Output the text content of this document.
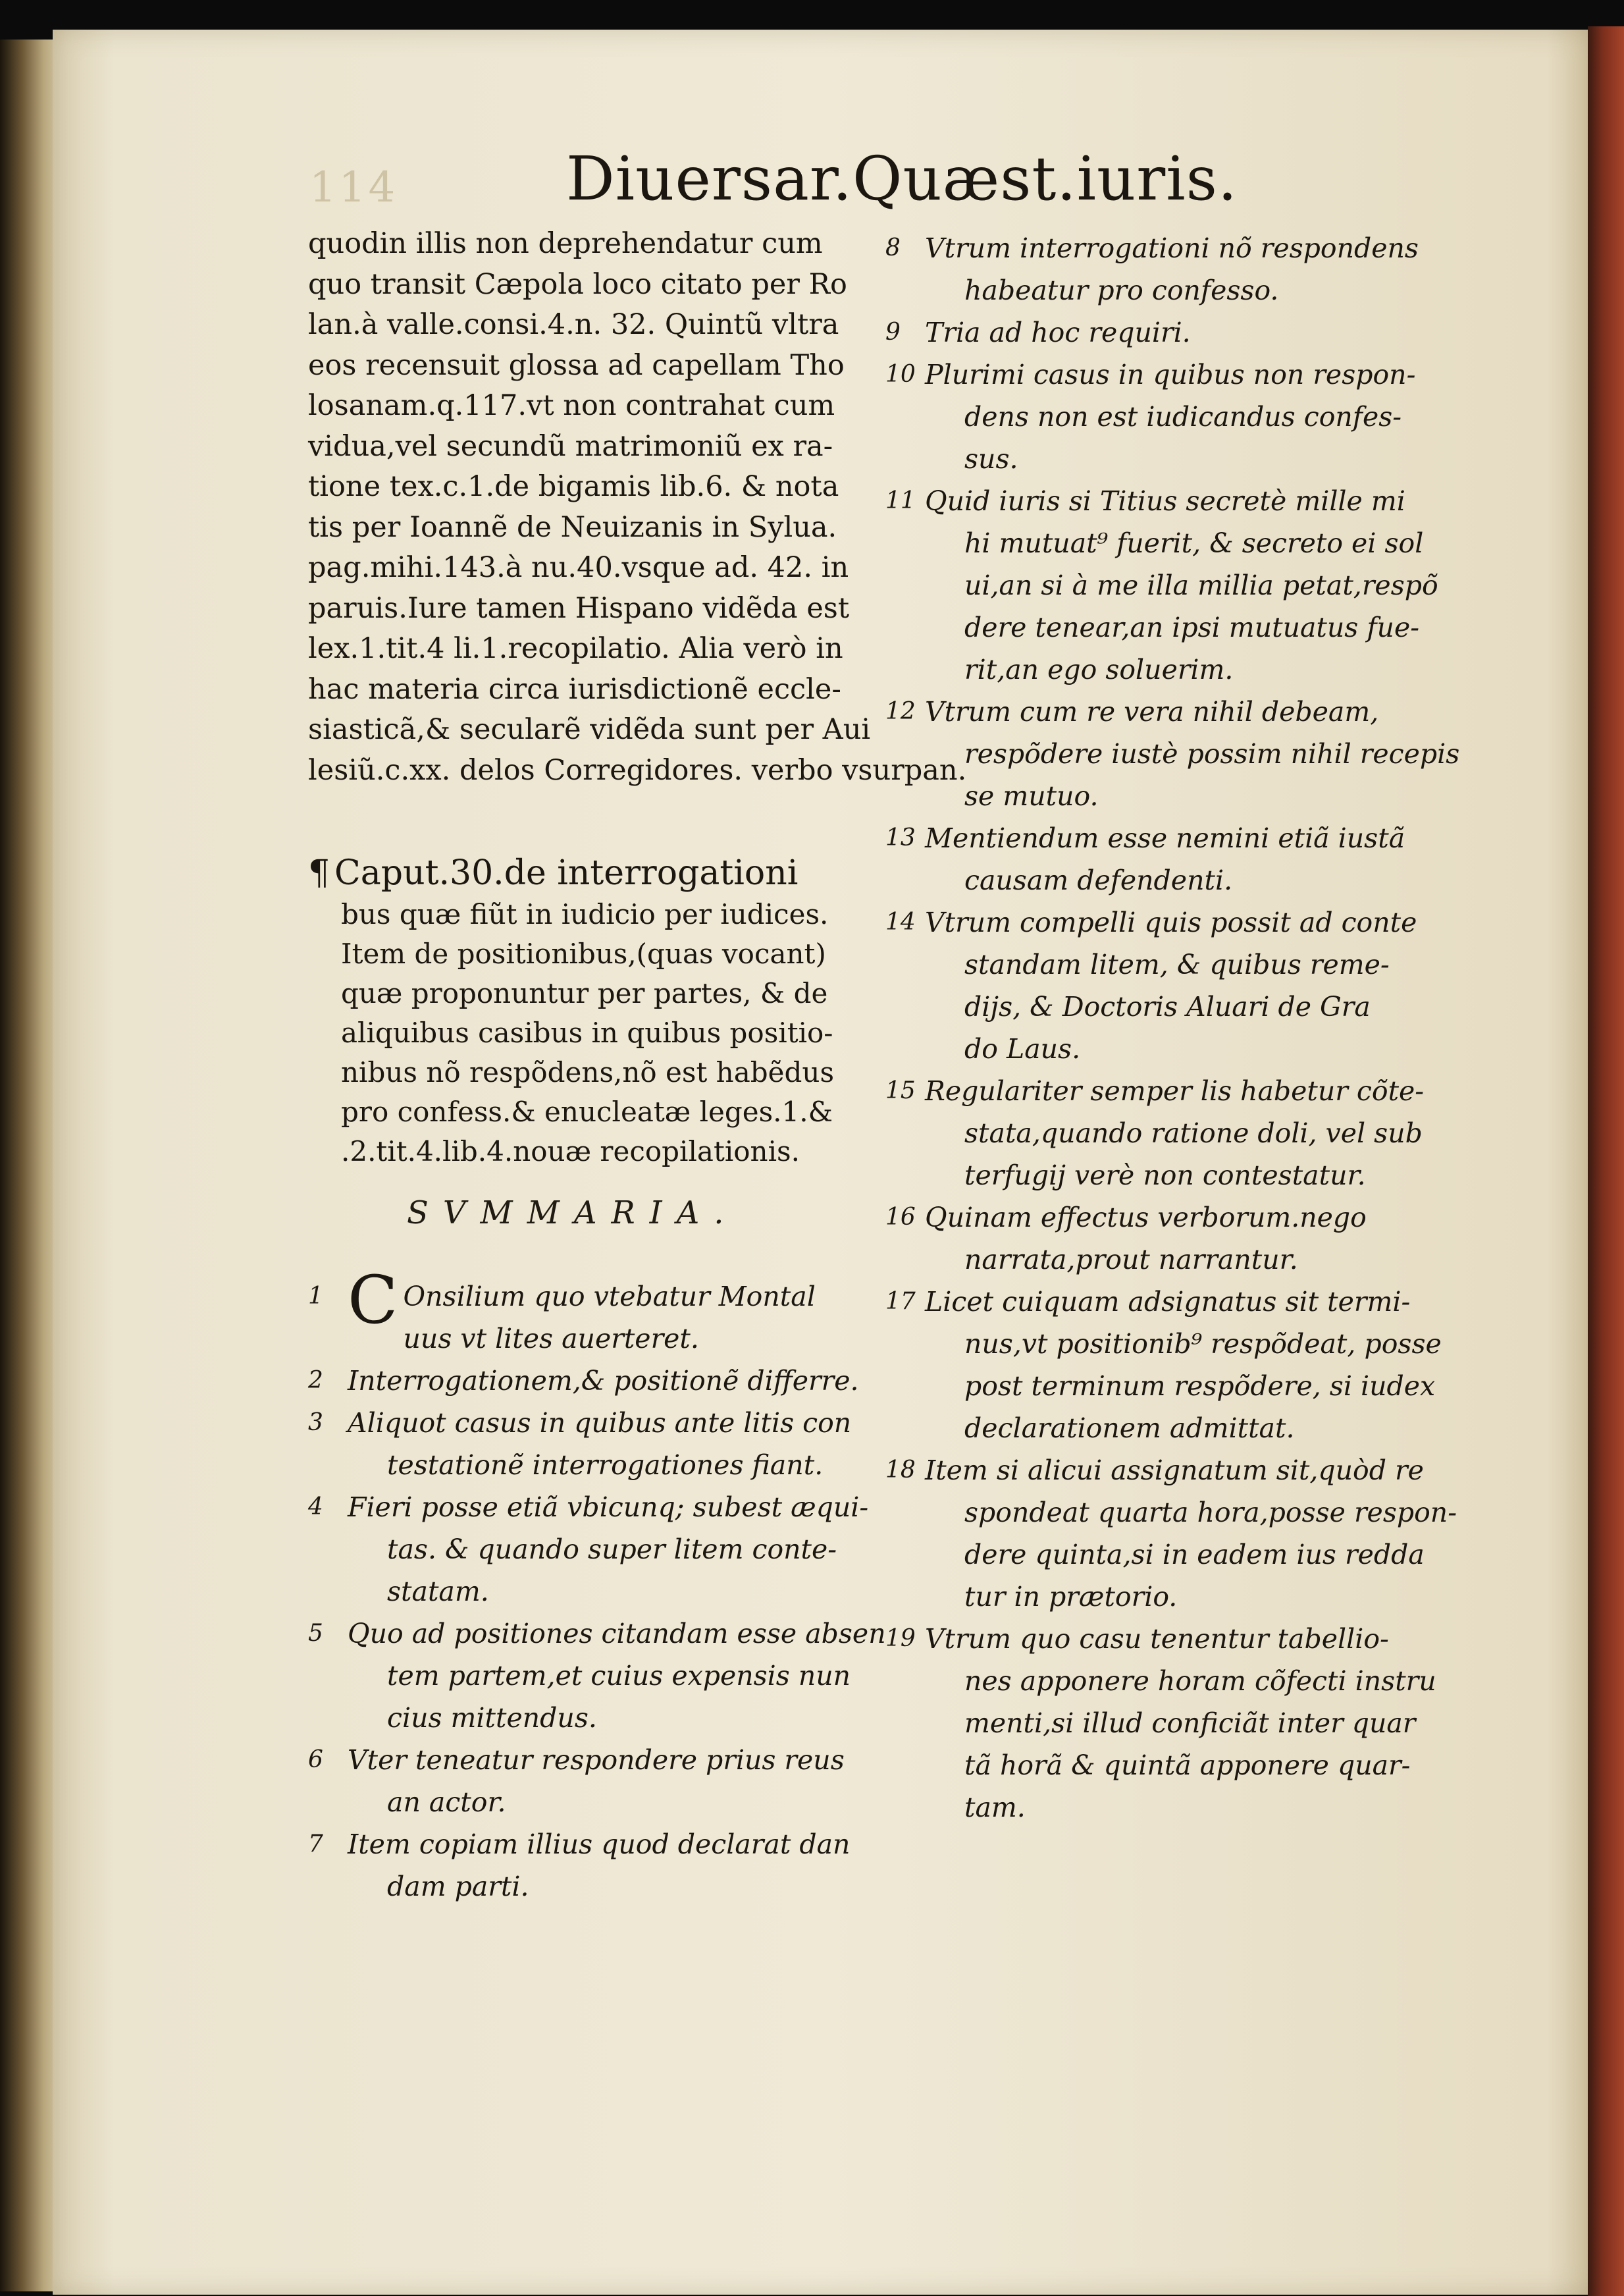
114	Diuersar.Quæst.iuris.
quodin illis non deprehendatur cum
quo transit Cæpola loco citato per Ro
lan.à valle.consi.4.n. 32. Quintũ vltra
eos recensuit glossa ad capellam Tho
losanam.q.117.vt non contrahat cum
vidua,vel secundũ matrimoniũ ex ra-
tione tex.c.1.de bigamis lib.6. & nota
tis per Ioannẽ de Neuizanis in Sylua.
pag.mihi.143.à nu.40.vsque ad. 42. in
paruis.Iure tamen Hispano vidẽda est
lex.1.tit.4 li.1.recopilatio. Alia verò in
hac materia circa iurisdictionẽ eccle-
siasticã,& secularẽ vidẽda sunt per Aui
lesiũ.c.xx. delos Corregidores. verbo vsurpan.
¶ Caput.30.de interrogationi
bus quæ fiũt in iudicio per iudices.
Item de positionibus,(quas vocant)
quæ proponuntur per partes, & de
aliquibus casibus in quibus positio-
nibus nõ respõdens,nõ est habẽdus
pro confess.& enucleatæ leges.1.&
.2.tit.4.lib.4.nouæ recopilationis.
SVMMARIA.
1 C Onsilium quo vtebatur Montal
uus vt lites auerteret.
2 Interrogationem,& positionẽ differre.
3 Aliquot casus in quibus ante litis con
testationẽ interrogationes fiant.
4 Fieri posse etiã vbicunq; subest æqui-
tas. & quando super litem conte-
statam.
5 Quo ad positiones citandam esse absen
tem partem,et cuius expensis nun
cius mittendus.
6 Vter teneatur respondere prius reus
an actor.
7 Item copiam illius quod declarat dan
dam parti.
8 Vtrum interrogationi nõ respondens
habeatur pro confesso.
9 Tria ad hoc requiri.
10 Plurimi casus in quibus non respon-
dens non est iudicandus confes-
sus.
11 Quid iuris si Titius secretè mille mi
hi mutuat⁹ fuerit, & secreto ei sol
ui,an si à me illa millia petat,respõ
dere tenear,an ipsi mutuatus fue-
rit,an ego soluerim.
12 Vtrum cum re vera nihil debeam,
respõdere iustè possim nihil recepis
se mutuo.
13 Mentiendum esse nemini etiã iustã
causam defendenti.
14 Vtrum compelli quis possit ad conte
standam litem, & quibus reme-
dijs, & Doctoris Aluari de Gra
do Laus.
15 Regulariter semper lis habetur cõte-
stata,quando ratione doli, vel sub
terfugij verè non contestatur.
16 Quinam effectus verborum.nego
narrata,prout narrantur.
17 Licet cuiquam adsignatus sit termi-
nus,vt positionib⁹ respõdeat, posse
post terminum respõdere, si iudex
declarationem admittat.
18 Item si alicui assignatum sit,quòd re
spondeat quarta hora,posse respon-
dere quinta,si in eadem ius redda
tur in prætorio.
19 Vtrum quo casu tenentur tabellio-
nes apponere horam cõfecti instru
menti,si illud conficiãt inter quar
tã horã & quintã apponere quar-
tam.
